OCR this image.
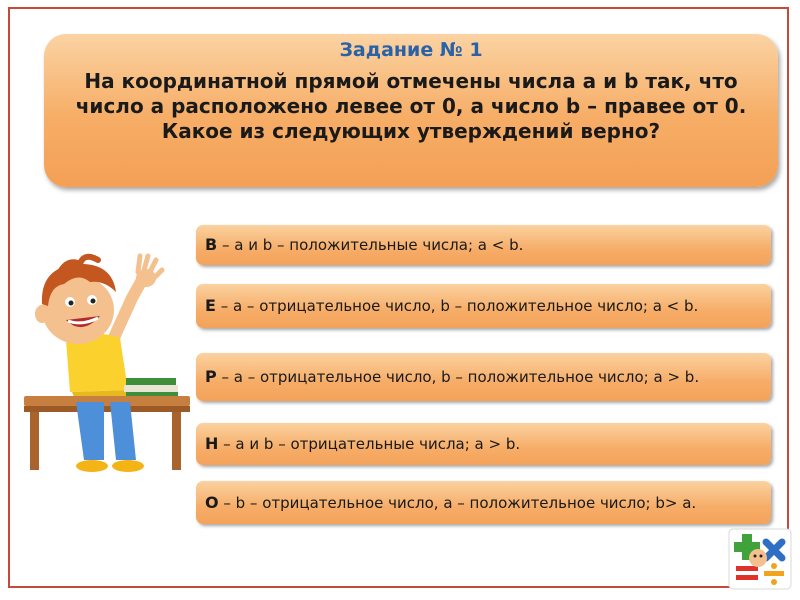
Задание № 1
На координатной прямой отмечены числа a и b так, что число a расположено левее от 0, а число b – правее от 0. Какое из следующих утверждений верно?
В – a и b – положительные числа; a < b.
Е – a – отрицательное число, b – положительное число; a < b.
Р – a – отрицательное число, b – положительное число; a > b.
Н – a и b – отрицательные числа; a > b.
О – b – отрицательное число, a – положительное число; b> a.
